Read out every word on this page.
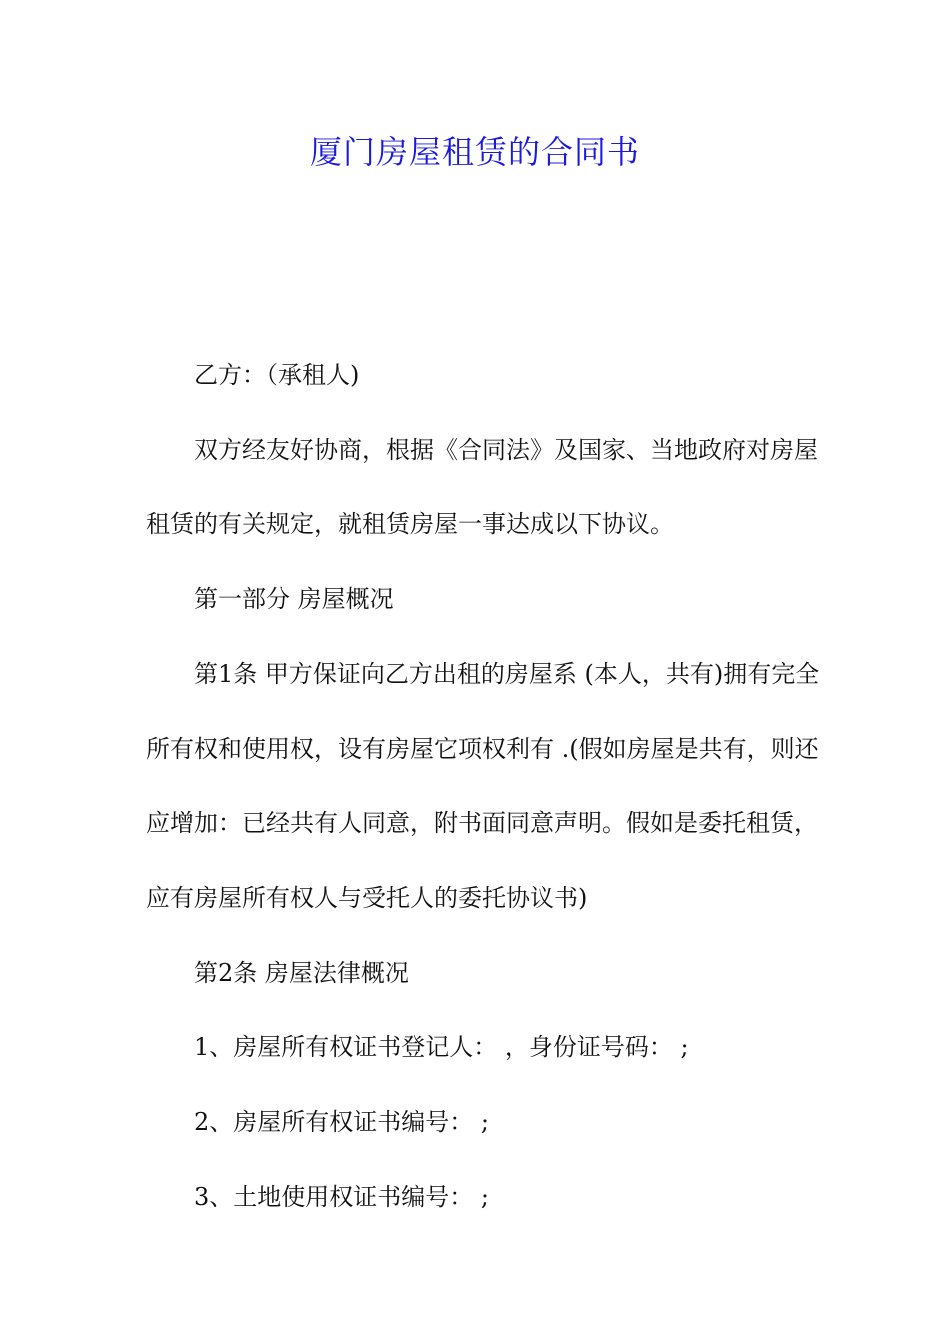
厦门房屋租赁的合同书

乙方：（承租人)

双方经友好协商，根据《合同法》及国家、当地政府对房屋租赁的有关规定，就租赁房屋一事达成以下协议。

第一部分 房屋概况

第1条 甲方保证向乙方出租的房屋系 (本人，共有)拥有完全所有权和使用权，设有房屋它项权利有 .(假如房屋是共有，则还应增加：已经共有人同意，附书面同意声明。假如是委托租赁，应有房屋所有权人与受托人的委托协议书)

第2条 房屋法律概况

1、房屋所有权证书登记人： ，身份证号码： ;

2、房屋所有权证书编号： ;

3、土地使用权证书编号： ;
